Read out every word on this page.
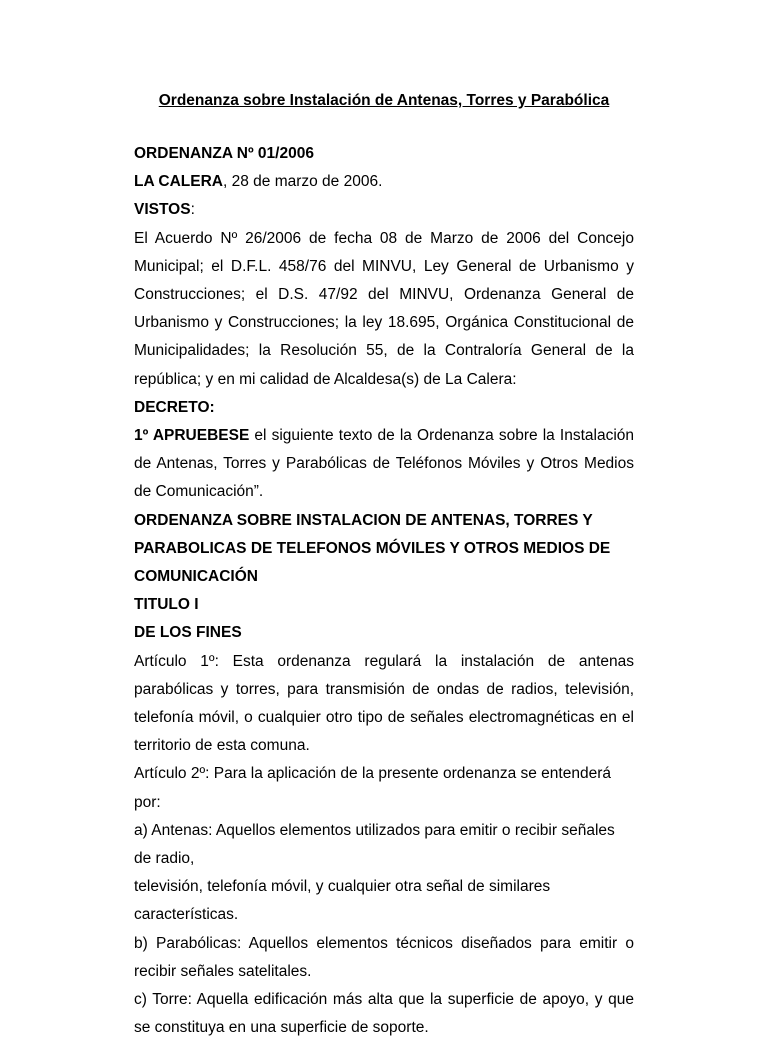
Ordenanza sobre Instalación de Antenas, Torres y Parabólica

ORDENANZA Nº 01/2006

LA CALERA, 28 de marzo de 2006.

VISTOS:

El Acuerdo Nº 26/2006 de fecha 08 de Marzo de 2006 del Concejo Municipal; el D.F.L. 458/76 del MINVU, Ley General de Urbanismo y Construcciones; el D.S. 47/92 del MINVU, Ordenanza General de Urbanismo y Construcciones; la ley 18.695, Orgánica Constitucional de Municipalidades; la Resolución 55, de la Contraloría General de la república; y en mi calidad de Alcaldesa(s) de La Calera:

DECRETO:

1º APRUEBESE el siguiente texto de la Ordenanza sobre la Instalación de Antenas, Torres y Parabólicas de Teléfonos Móviles y Otros Medios de Comunicación”.

ORDENANZA SOBRE INSTALACION DE ANTENAS, TORRES Y

PARABOLICAS DE TELEFONOS MÓVILES Y OTROS MEDIOS DE

COMUNICACIÓN

TITULO I

DE LOS FINES

Artículo 1º: Esta ordenanza regulará la instalación de antenas parabólicas y torres, para transmisión de ondas de radios, televisión, telefonía móvil, o cualquier otro tipo de señales electromagnéticas en el territorio de esta comuna.

Artículo 2º: Para la aplicación de la presente ordenanza se entenderá por:

a) Antenas: Aquellos elementos utilizados para emitir o recibir señales de radio,

televisión, telefonía móvil, y cualquier otra señal de similares características.

b) Parabólicas: Aquellos elementos técnicos diseñados para emitir o recibir señales satelitales.

c) Torre: Aquella edificación más alta que la superficie de apoyo, y que se constituya en una superficie de soporte.
